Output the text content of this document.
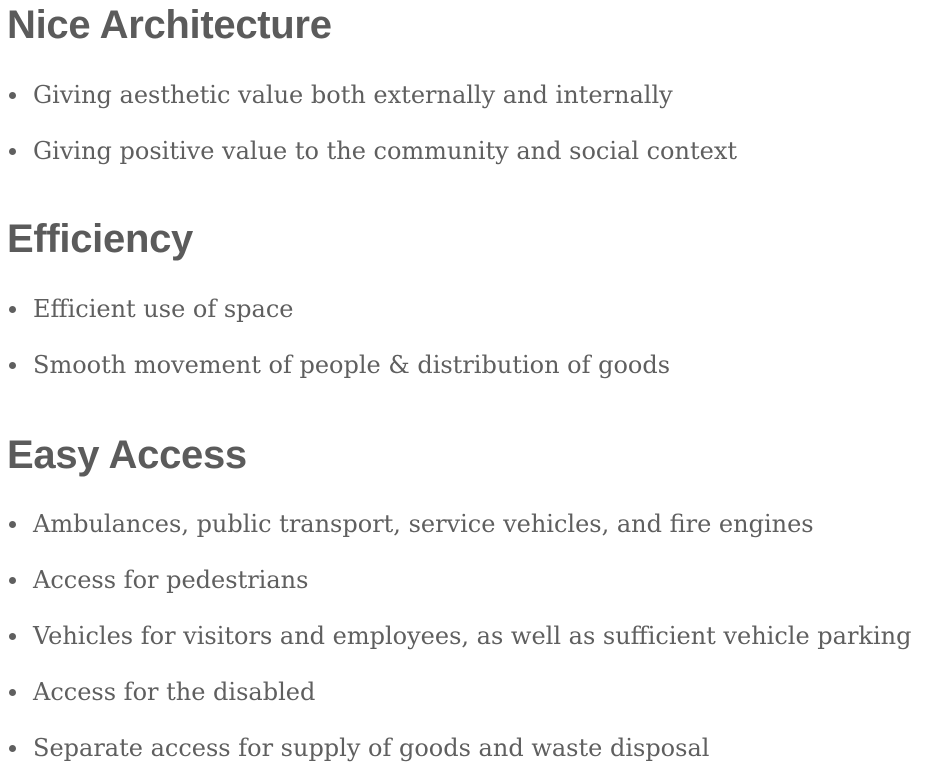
Nice Architecture
Giving aesthetic value both externally and internally
Giving positive value to the community and social context
Efficiency
Efficient use of space
Smooth movement of people & distribution of goods
Easy Access
Ambulances, public transport, service vehicles, and fire engines
Access for pedestrians
Vehicles for visitors and employees, as well as sufficient vehicle parking
Access for the disabled
Separate access for supply of goods and waste disposal
